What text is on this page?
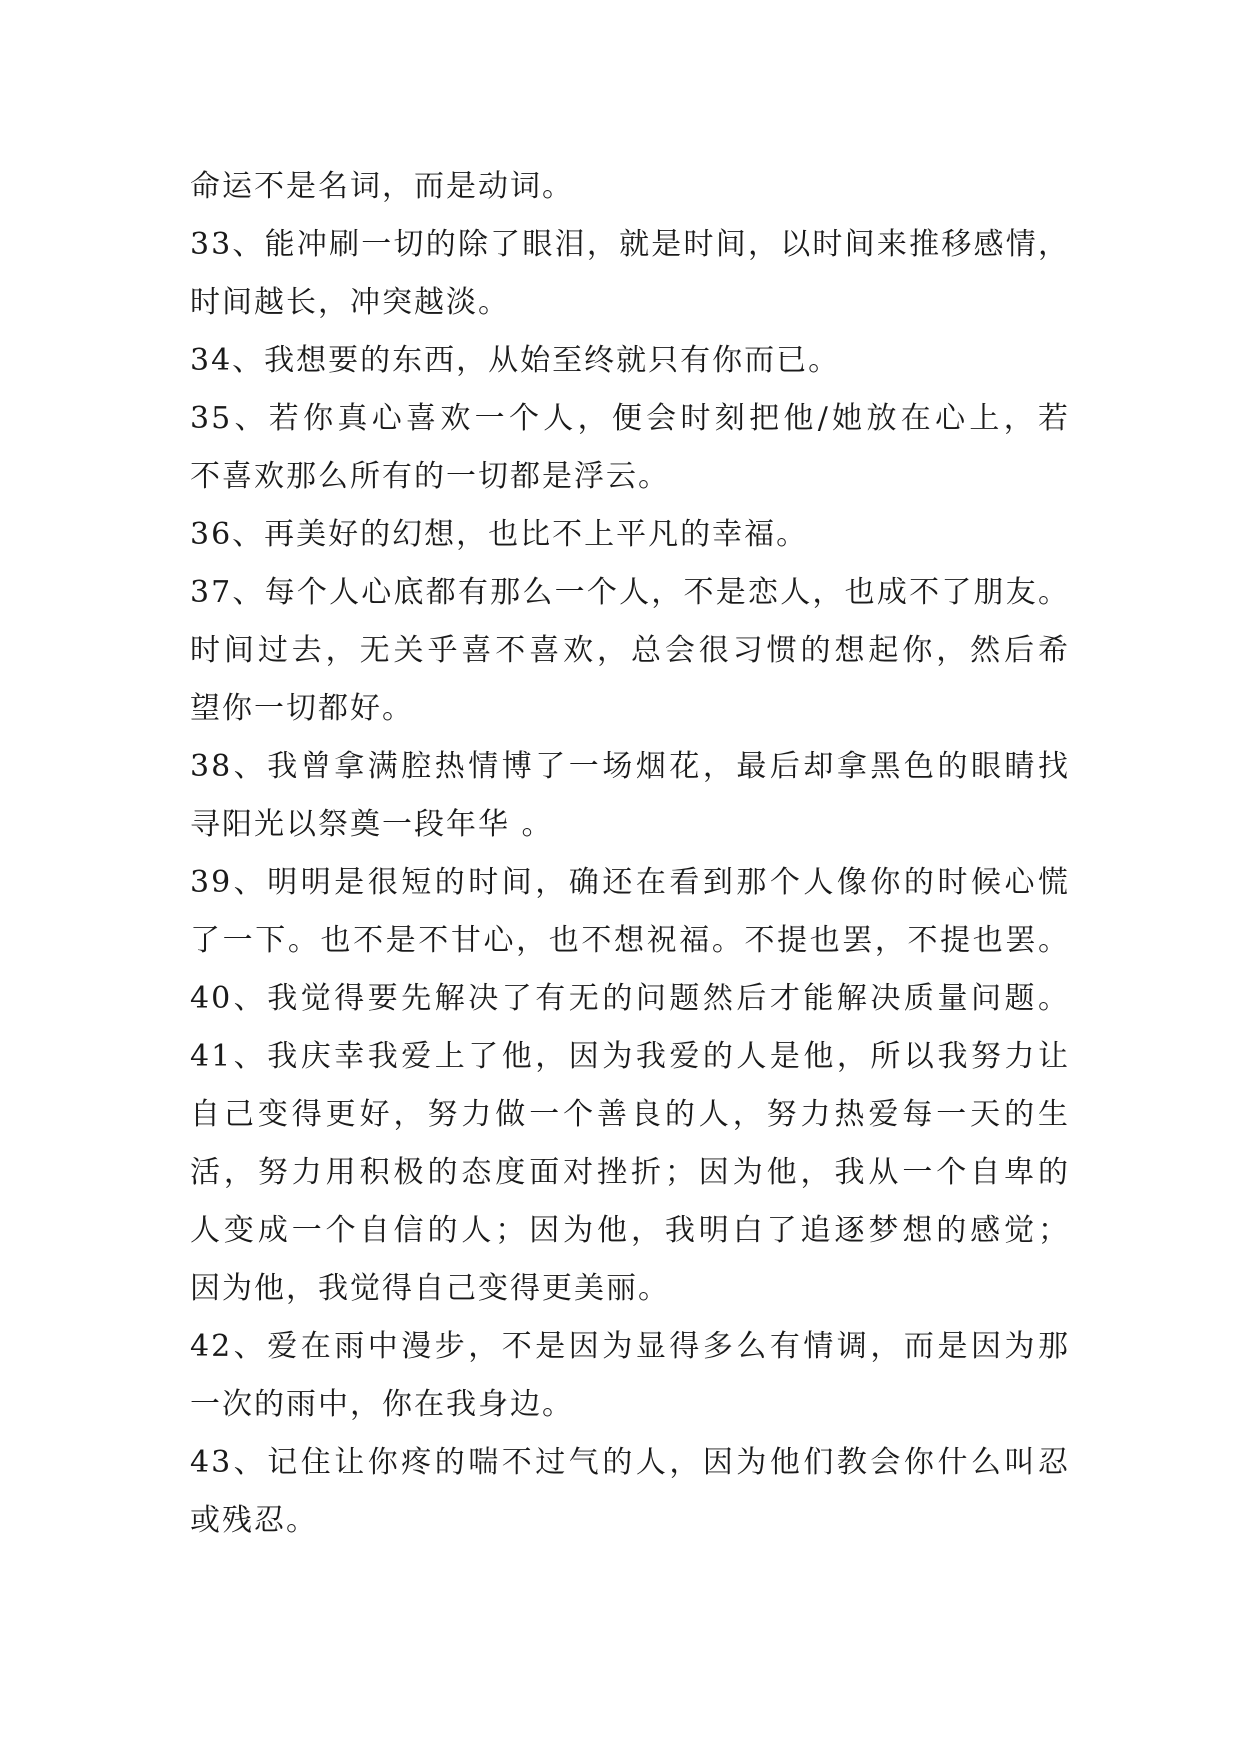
命运不是名词，而是动词。
33、能冲刷一切的除了眼泪，就是时间，以时间来推移感情，
时间越长，冲突越淡。
34、我想要的东西，从始至终就只有你而已。
35、若你真心喜欢一个人，便会时刻把他/她放在心上，若
不喜欢那么所有的一切都是浮云。
36、再美好的幻想，也比不上平凡的幸福。
37、每个人心底都有那么一个人，不是恋人，也成不了朋友。
时间过去，无关乎喜不喜欢，总会很习惯的想起你，然后希
望你一切都好。
38、我曾拿满腔热情博了一场烟花，最后却拿黑色的眼睛找
寻阳光以祭奠一段年华 。
39、明明是很短的时间，确还在看到那个人像你的时候心慌
了一下。也不是不甘心，也不想祝福。不提也罢，不提也罢。
40、我觉得要先解决了有无的问题然后才能解决质量问题。
41、我庆幸我爱上了他，因为我爱的人是他，所以我努力让
自己变得更好，努力做一个善良的人，努力热爱每一天的生
活，努力用积极的态度面对挫折；因为他，我从一个自卑的
人变成一个自信的人；因为他，我明白了追逐梦想的感觉；
因为他，我觉得自己变得更美丽。
42、爱在雨中漫步，不是因为显得多么有情调，而是因为那
一次的雨中，你在我身边。
43、记住让你疼的喘不过气的人，因为他们教会你什么叫忍
或残忍。
